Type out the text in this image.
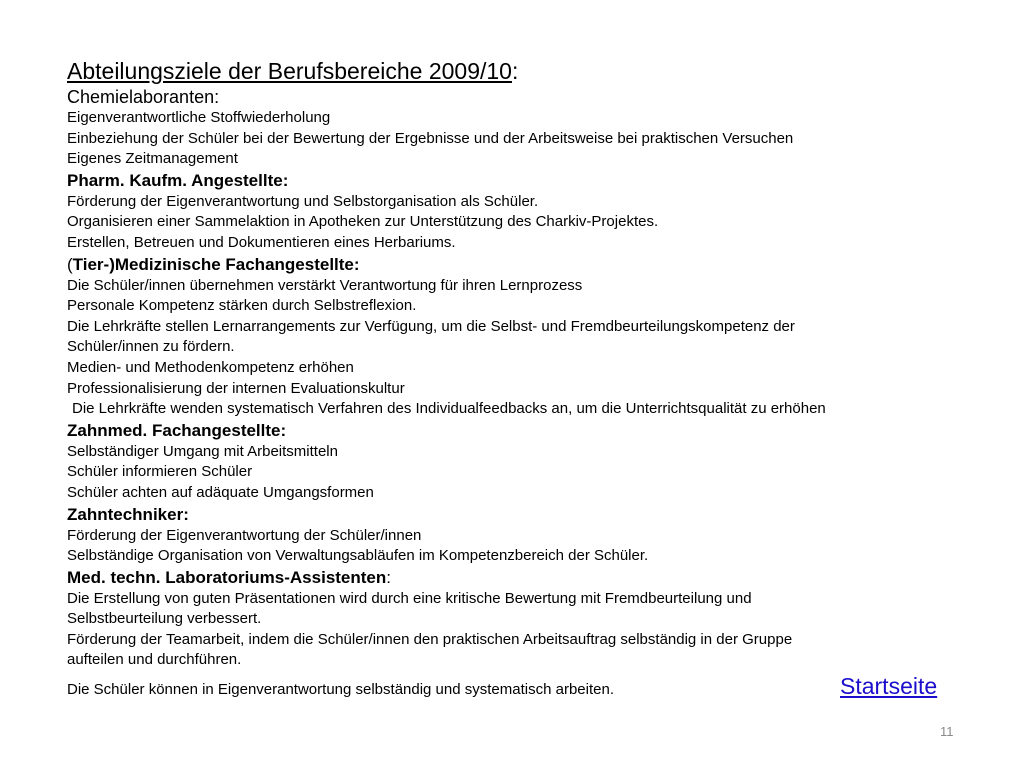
Abteilungsziele der Berufsbereiche 2009/10:

Chemielaboranten:

Eigenverantwortliche Stoffwiederholung

Einbeziehung der Schüler bei der Bewertung der Ergebnisse und der Arbeitsweise bei praktischen Versuchen

Eigenes Zeitmanagement

Pharm. Kaufm. Angestellte:

Förderung der Eigenverantwortung und Selbstorganisation als Schüler.

Organisieren einer Sammelaktion in Apotheken zur Unterstützung des Charkiv-Projektes.

Erstellen, Betreuen und Dokumentieren eines Herbariums.

(Tier-)Medizinische Fachangestellte:

Die Schüler/innen übernehmen verstärkt Verantwortung für ihren Lernprozess

Personale Kompetenz stärken durch Selbstreflexion.

Die Lehrkräfte stellen Lernarrangements zur Verfügung, um die Selbst- und Fremdbeurteilungskompetenz der

Schüler/innen zu fördern.

Medien- und Methodenkompetenz erhöhen

Professionalisierung der internen Evaluationskultur

Die Lehrkräfte wenden systematisch Verfahren des Individualfeedbacks an, um die Unterrichtsqualität zu erhöhen

Zahnmed. Fachangestellte:

Selbständiger Umgang mit Arbeitsmitteln

Schüler informieren Schüler

Schüler achten auf adäquate Umgangsformen

Zahntechniker:

Förderung der Eigenverantwortung der Schüler/innen

Selbständige Organisation von Verwaltungsabläufen im Kompetenzbereich der Schüler.

Med. techn. Laboratoriums-Assistenten:

Die Erstellung von guten Präsentationen wird durch eine kritische Bewertung mit Fremdbeurteilung und

Selbstbeurteilung verbessert.

Förderung der Teamarbeit, indem die Schüler/innen den praktischen Arbeitsauftrag selbständig in der Gruppe

aufteilen und durchführen.

Die Schüler können in Eigenverantwortung selbständig und systematisch arbeiten.	Startseite
11
